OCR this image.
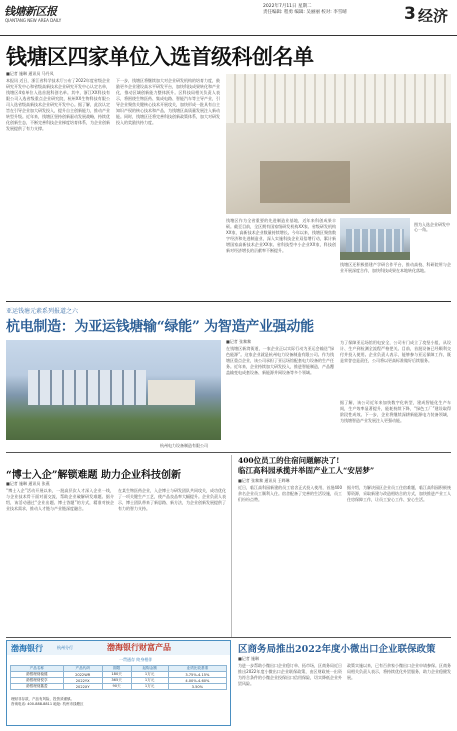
钱塘新区报
QIANTANG NEW AREA DAILY
2022年7月11日 星期二
责任编辑: 程勇 编辑: 吴丽丽 校对: 李雪晴	3 经济
钱塘区四家单位入选首级科创名单
■记者 施琳 通讯员 马丹凤
本报讯 近日，浙江省科学技术厅公布了2022年度省级企业研究开发中心和省级高新技术企业研究开发中心认定名单，钱塘区4家单位入选首批科创名单。其中，浙江XX科技有限公司入选省级重点企业研究院，杭州XX生物科技有限公司入选省级高新技术企业研究开发中心。据了解，此次认定旨在引导企业加大研发投入，提升自主创新能力，推动产业转型升级。近年来，钱塘区坚持创新驱动发展战略，持续优化创新生态，不断完善科技企业梯度培育体系，为企业创新发展提供了有力支撑。
下一步，钱塘区将继续加大对企业研发机构的培育力度，鼓励更多企业建设高水平研发平台，加快科技成果转化和产业化，推动区域创新能力整体跃升。区科技局相关负责人表示，将围绕生物医药、集成电路、智能汽车等主导产业，引导企业聚焦关键核心技术开展攻关，加快形成一批具有自主知识产权的核心技术和产品，为钱塘区高质量发展注入新动能。同时，钱塘区还将完善科技创新政策体系，加大对研发投入的奖励扶持力度。
钱塘区作为全省重要的先进制造业基地，近年来科创成果丰硕。截至目前，全区拥有国家级研发机构XX家、省级研发机构XX家，高新技术企业数量持续增长。今年以来，钱塘区聚焦数字经济和先进制造业，深入实施科技企业双倍增行动，累计新增国家高新技术企业XX家、省科技型中小企业XX家，科技创新对经济增长的贡献率不断提升。
钱塘区还积极搭建产学研合作平台，推动高校、科研院所与企业开展深度合作，加快科技成果在本地转化落地。
图为入选企业研发中心一角。
亚运钱塘元素系列报道之六
杭电制造：为亚运钱塘输“绿能” 为智造产业强动能
■记者 张黎黎
杭州电力设备制造有限公司
在钱塘区新湾街道，一家企业正以实际行动为亚运会输送“绿色能源”。这家企业就是杭州电力设备制造有限公司。作为钱塘区重点企业，该公司承担了亚运场馆配套电力设备的生产任务。近年来，企业持续加大研发投入，推进智能制造，产品覆盖输变电成套设备、新能源并网设备等多个领域。
为了保障亚运场馆用电安全，公司专门成立了攻坚小组，从设计、生产到检测全流程严格把关。目前，首批设备已经顺利交付并投入使用。企业负责人表示，能够参与亚运保障工作，既是荣誉也是责任，公司将以更高标准做好后续服务。
据了解，该公司近年来加快数字化转型，建成智能化生产车间，生产效率显著提升，能耗持续下降，“绿色工厂”建设取得阶段性成效。下一步，企业将继续深耕新能源电力装备领域，为钱塘智造产业发展注入更强动能。
“博士入企”解锁难题 助力企业科技创新
■记者 施琳 通讯员 张燕
“博士入企”活动开展以来，一批高层次人才深入企业一线，与企业技术骨干面对面交流，帮助企业破解研发难题。据介绍，该活动通过“企业出题、博士答题”的方式，精准对接企业技术需求，推动人才链与产业链深度融合。
在某生物医药企业，入企博士与研发团队共同攻关，成功优化了一项关键生产工艺，使产品良品率大幅提升。企业负责人表示，博士团队带来了新思路、新方法，为企业创新发展提供了有力的智力支持。
400位员工的住宿问题解决了!
临江高科园承揽并举固产业工人“安居梦”
■记者 张黎黎 通讯员 王晔琳
近日，临江高科园新建的员工宿舍正式投入使用，首批400余名企业员工顺利入住。宿舍配备了完善的生活设施，员工们纷纷点赞。
据介绍，为解决园区企业员工住宿难题，临江高科园积极统筹资源，采取新建与改造相结合的方式，加快推进产业工人住房保障工作，让员工安心工作、安心生活。
渤海银行	杭州分行	渤海银行财富产品
一贯通存 终身相伴
产品名称	产品代码	期限	起购金额	业绩比较基准
渤银理财稳健	2022WR	180天	1万元	3.75%-4.15%
渤银理财悦享	2022YX	365天	1万元	4.00%-4.60%
渤银理财鑫盈	2022XY	90天	1万元	3.50%
理财非存款，产品有风险，投资须谨慎。
咨询电话: 400-888-8811 地址: 杭州市钱塘区
区商务局推出2022年度小微出口企业联保政策
■记者 施琳
为进一步帮助小微出口企业稳订单、拓市场，区商务局近日推出2022年度小微出口企业联保政策，由区财政统一出资为符合条件的小微企业投保出口信用保险，切实降低企业外贸风险。
政策实施以来，已有百余家小微出口企业申请参保。区商务局相关负责人表示，将持续优化外贸服务，助力企业稳健发展。
